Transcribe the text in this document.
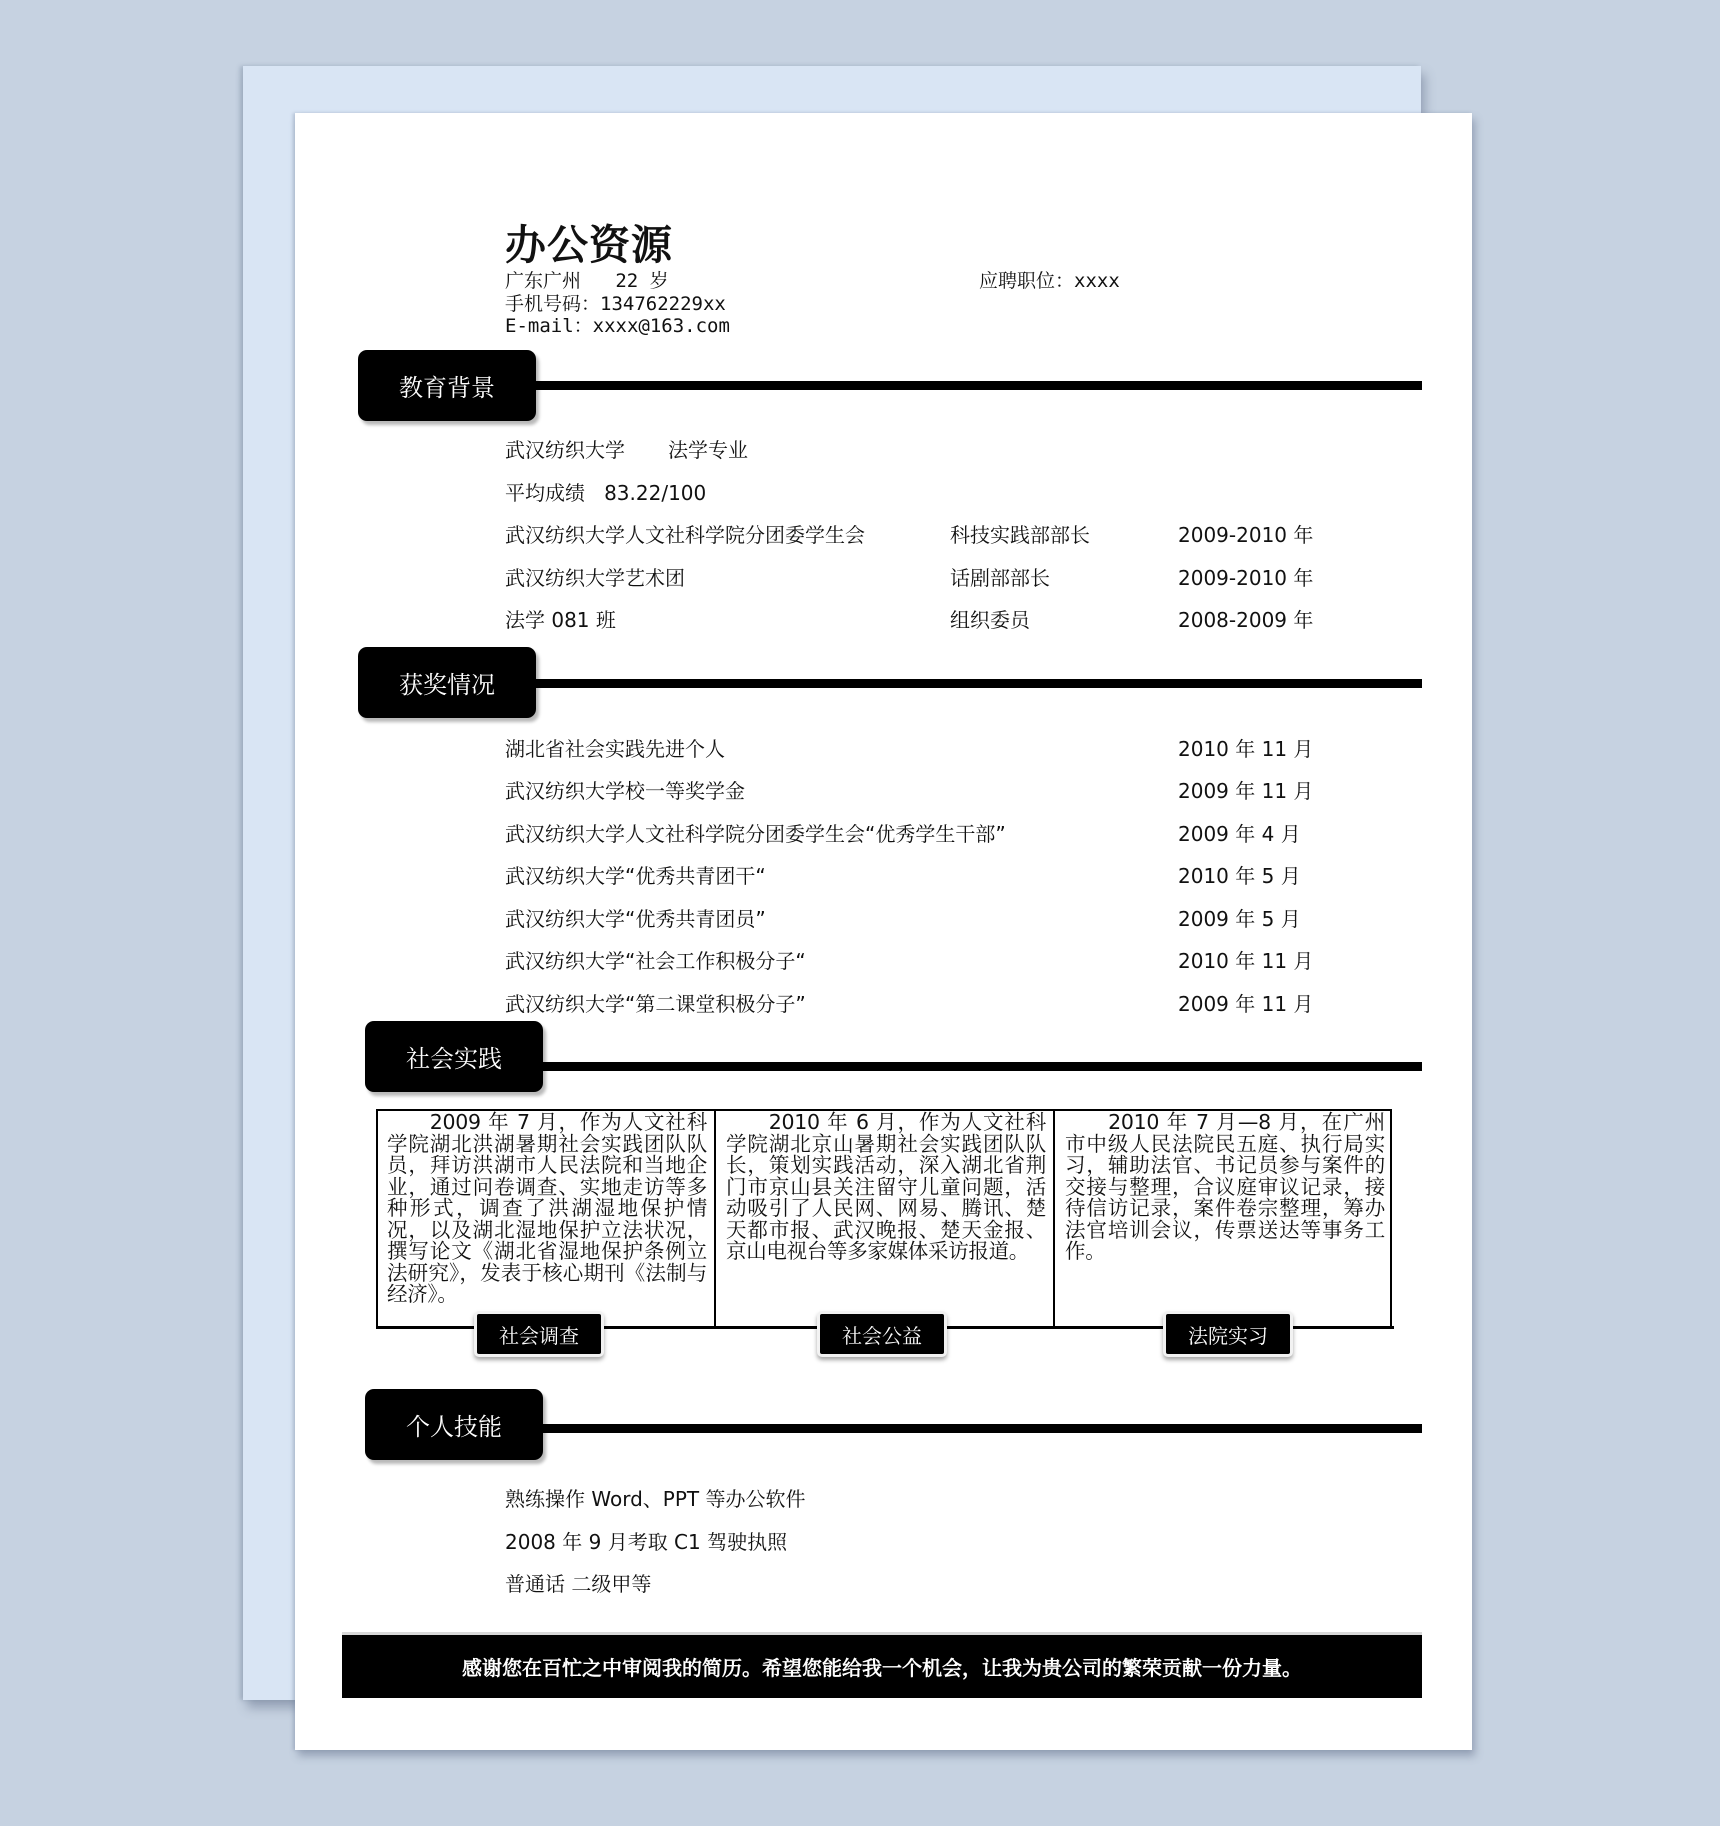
办公资源
广东广州 22 岁	应聘职位：xxxx
手机号码：134762229xx
E-mail：xxxx@163.com
教育背景
武汉纺织大学 法学专业
平均成绩 83.22/100
武汉纺织大学人文社科学院分团委学生会	科技实践部部长	2009-2010 年
武汉纺织大学艺术团	话剧部部长	2009-2010 年
法学 081 班	组织委员	2008-2009 年
获奖情况
湖北省社会实践先进个人	2010 年 11 月
武汉纺织大学校一等奖学金	2009 年 11 月
武汉纺织大学人文社科学院分团委学生会“优秀学生干部”	2009 年 4 月
武汉纺织大学“优秀共青团干“	2010 年 5 月
武汉纺织大学“优秀共青团员”	2009 年 5 月
武汉纺织大学“社会工作积极分子“	2010 年 11 月
武汉纺织大学“第二课堂积极分子”	2009 年 11 月
社会实践
　　2009 年 7 月，作为人文社科学院湖北洪湖暑期社会实践团队队员，拜访洪湖市人民法院和当地企业，通过问卷调查、实地走访等多种形式，调查了洪湖湿地保护情况，以及湖北湿地保护立法状况，撰写论文《湖北省湿地保护条例立法研究》，发表于核心期刊《法制与经济》。
　　2010 年 6 月，作为人文社科学院湖北京山暑期社会实践团队队长，策划实践活动，深入湖北省荆门市京山县关注留守儿童问题，活动吸引了人民网、网易、腾讯、楚天都市报、武汉晚报、楚天金报、京山电视台等多家媒体采访报道。
　　2010 年 7 月—8 月，在广州市中级人民法院民五庭、执行局实习，辅助法官、书记员参与案件的交接与整理，合议庭审议记录，接待信访记录，案件卷宗整理，筹办法官培训会议，传票送达等事务工作。
社会调查	社会公益	法院实习
个人技能
熟练操作 Word、PPT 等办公软件
2008 年 9 月考取 C1 驾驶执照
普通话 二级甲等
感谢您在百忙之中审阅我的简历。希望您能给我一个机会，让我为贵公司的繁荣贡献一份力量。
